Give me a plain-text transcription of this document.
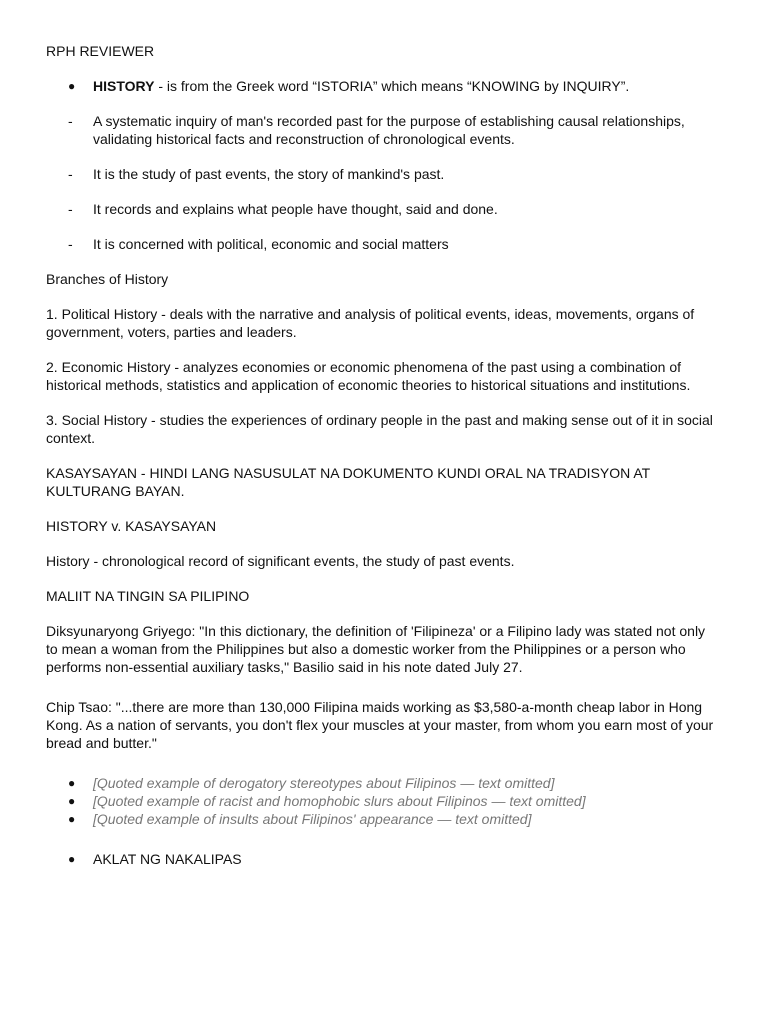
RPH REVIEWER

● HISTORY - is from the Greek word “ISTORIA” which means “KNOWING by INQUIRY”.
- A systematic inquiry of man's recorded past for the purpose of establishing causal relationships, validating historical facts and reconstruction of chronological events.
- It is the study of past events, the story of mankind's past.
- It records and explains what people have thought, said and done.
- It is concerned with political, economic and social matters

Branches of History

1. Political History - deals with the narrative and analysis of political events, ideas, movements, organs of government, voters, parties and leaders.

2. Economic History - analyzes economies or economic phenomena of the past using a combination of historical methods, statistics and application of economic theories to historical situations and institutions.

3. Social History - studies the experiences of ordinary people in the past and making sense out of it in social context.

KASAYSAYAN - HINDI LANG NASUSULAT NA DOKUMENTO KUNDI ORAL NA TRADISYON AT KULTURANG BAYAN.

HISTORY v. KASAYSAYAN

History - chronological record of significant events, the study of past events.

MALIIT NA TINGIN SA PILIPINO

Diksyunaryong Griyego: "In this dictionary, the definition of 'Filipineza' or a Filipino lady was stated not only to mean a woman from the Philippines but also a domestic worker from the Philippines or a person who performs non-essential auxiliary tasks," Basilio said in his note dated July 27.

Chip Tsao: "...there are more than 130,000 Filipina maids working as $3,580-a-month cheap labor in Hong Kong. As a nation of servants, you don't flex your muscles at your master, from whom you earn most of your bread and butter."

● [Quoted example of derogatory stereotypes about Filipinos — text omitted]
● [Quoted example of racist and homophobic slurs about Filipinos — text omitted]
● [Quoted example of insults about Filipinos' appearance — text omitted]
● AKLAT NG NAKALIPAS
